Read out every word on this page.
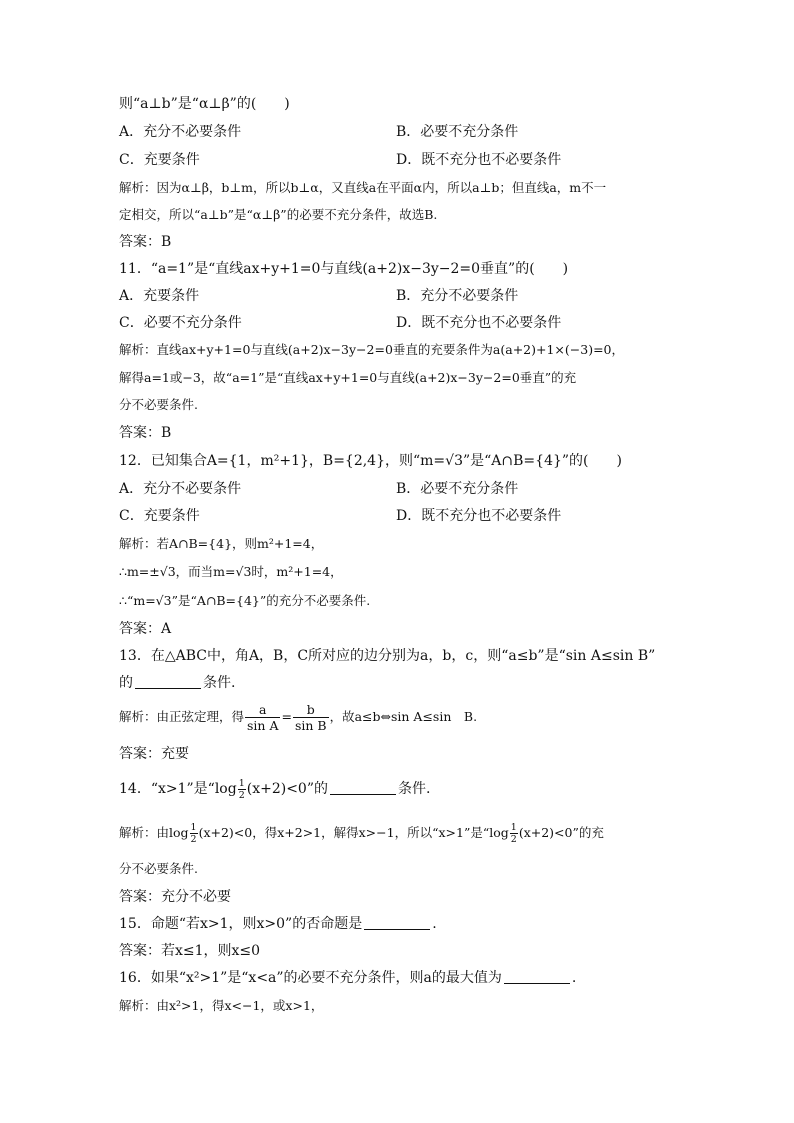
则“a⊥b”是“α⊥β”的(　　)
A．充分不必要条件	B．必要不充分条件
C．充要条件	D．既不充分也不必要条件
解析：因为α⊥β，b⊥m，所以b⊥α，又直线a在平面α内，所以a⊥b；但直线a，m不一
定相交，所以“a⊥b”是“α⊥β”的必要不充分条件，故选B.
答案：B
11．“a=1”是“直线ax+y+1=0与直线(a+2)x−3y−2=0垂直”的(　　)
A．充要条件	B．充分不必要条件
C．必要不充分条件	D．既不充分也不必要条件
解析：直线ax+y+1=0与直线(a+2)x−3y−2=0垂直的充要条件为a(a+2)+1×(−3)=0，
解得a=1或−3，故“a=1”是“直线ax+y+1=0与直线(a+2)x−3y−2=0垂直”的充
分不必要条件.
答案：B
12．已知集合A={1，m²+1}，B={2,4}，则“m=√3”是“A∩B={4}”的(　　)
A．充分不必要条件	B．必要不充分条件
C．充要条件	D．既不充分也不必要条件
解析：若A∩B={4}，则m²+1=4，
∴m=±√3，而当m=√3时，m²+1=4，
∴“m=√3”是“A∩B={4}”的充分不必要条件.
答案：A
13．在△ABC中，角A，B，C所对应的边分别为a，b，c，则“a≤b”是“sin A≤sin B”
的	条件.
解析：由正弦定理，得 $\frac{a}{\text{sin A}} = \frac{b}{\text{sin B}}$ ，故a≤b⇔sin A≤sin　B.
答案：充要
14．“x>1”是“$\log \frac{1}{2} (x+2)<0$”的	条件.
解析：由$\log \frac{1}{2} (x+2)<0$，得x+2>1，解得x>−1，所以“x>1”是“$\log \frac{1}{2} (x+2)<0$”的充
分不必要条件.
答案：充分不必要
15．命题“若x>1，则x>0”的否命题是	.
答案：若x≤1，则x≤0
16．如果“x²>1”是“x<a”的必要不充分条件，则a的最大值为	.
解析：由x²>1，得x<−1，或x>1，
